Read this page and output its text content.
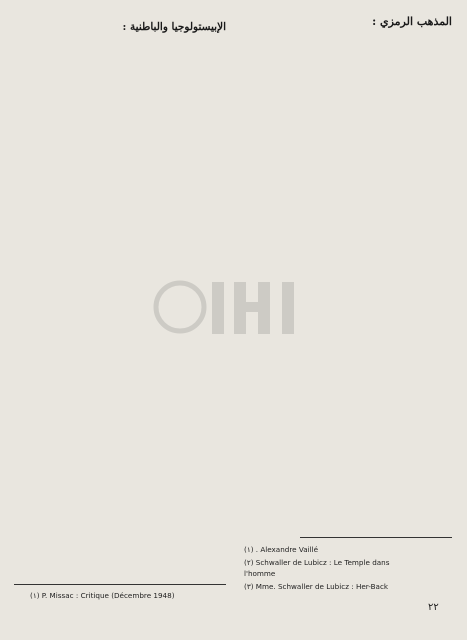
المذهب الرمزي :
الإبيستولوجيا والباطنية :
(١) . Alexandre Vaillé
(٢) Schwaller de Lubicz : Le Temple dans
l'homme
(٣) Mme. Schwaller de Lubicz : Her-Back
(١) P. Missac : Critique (Décembre 1948)
٢٢
